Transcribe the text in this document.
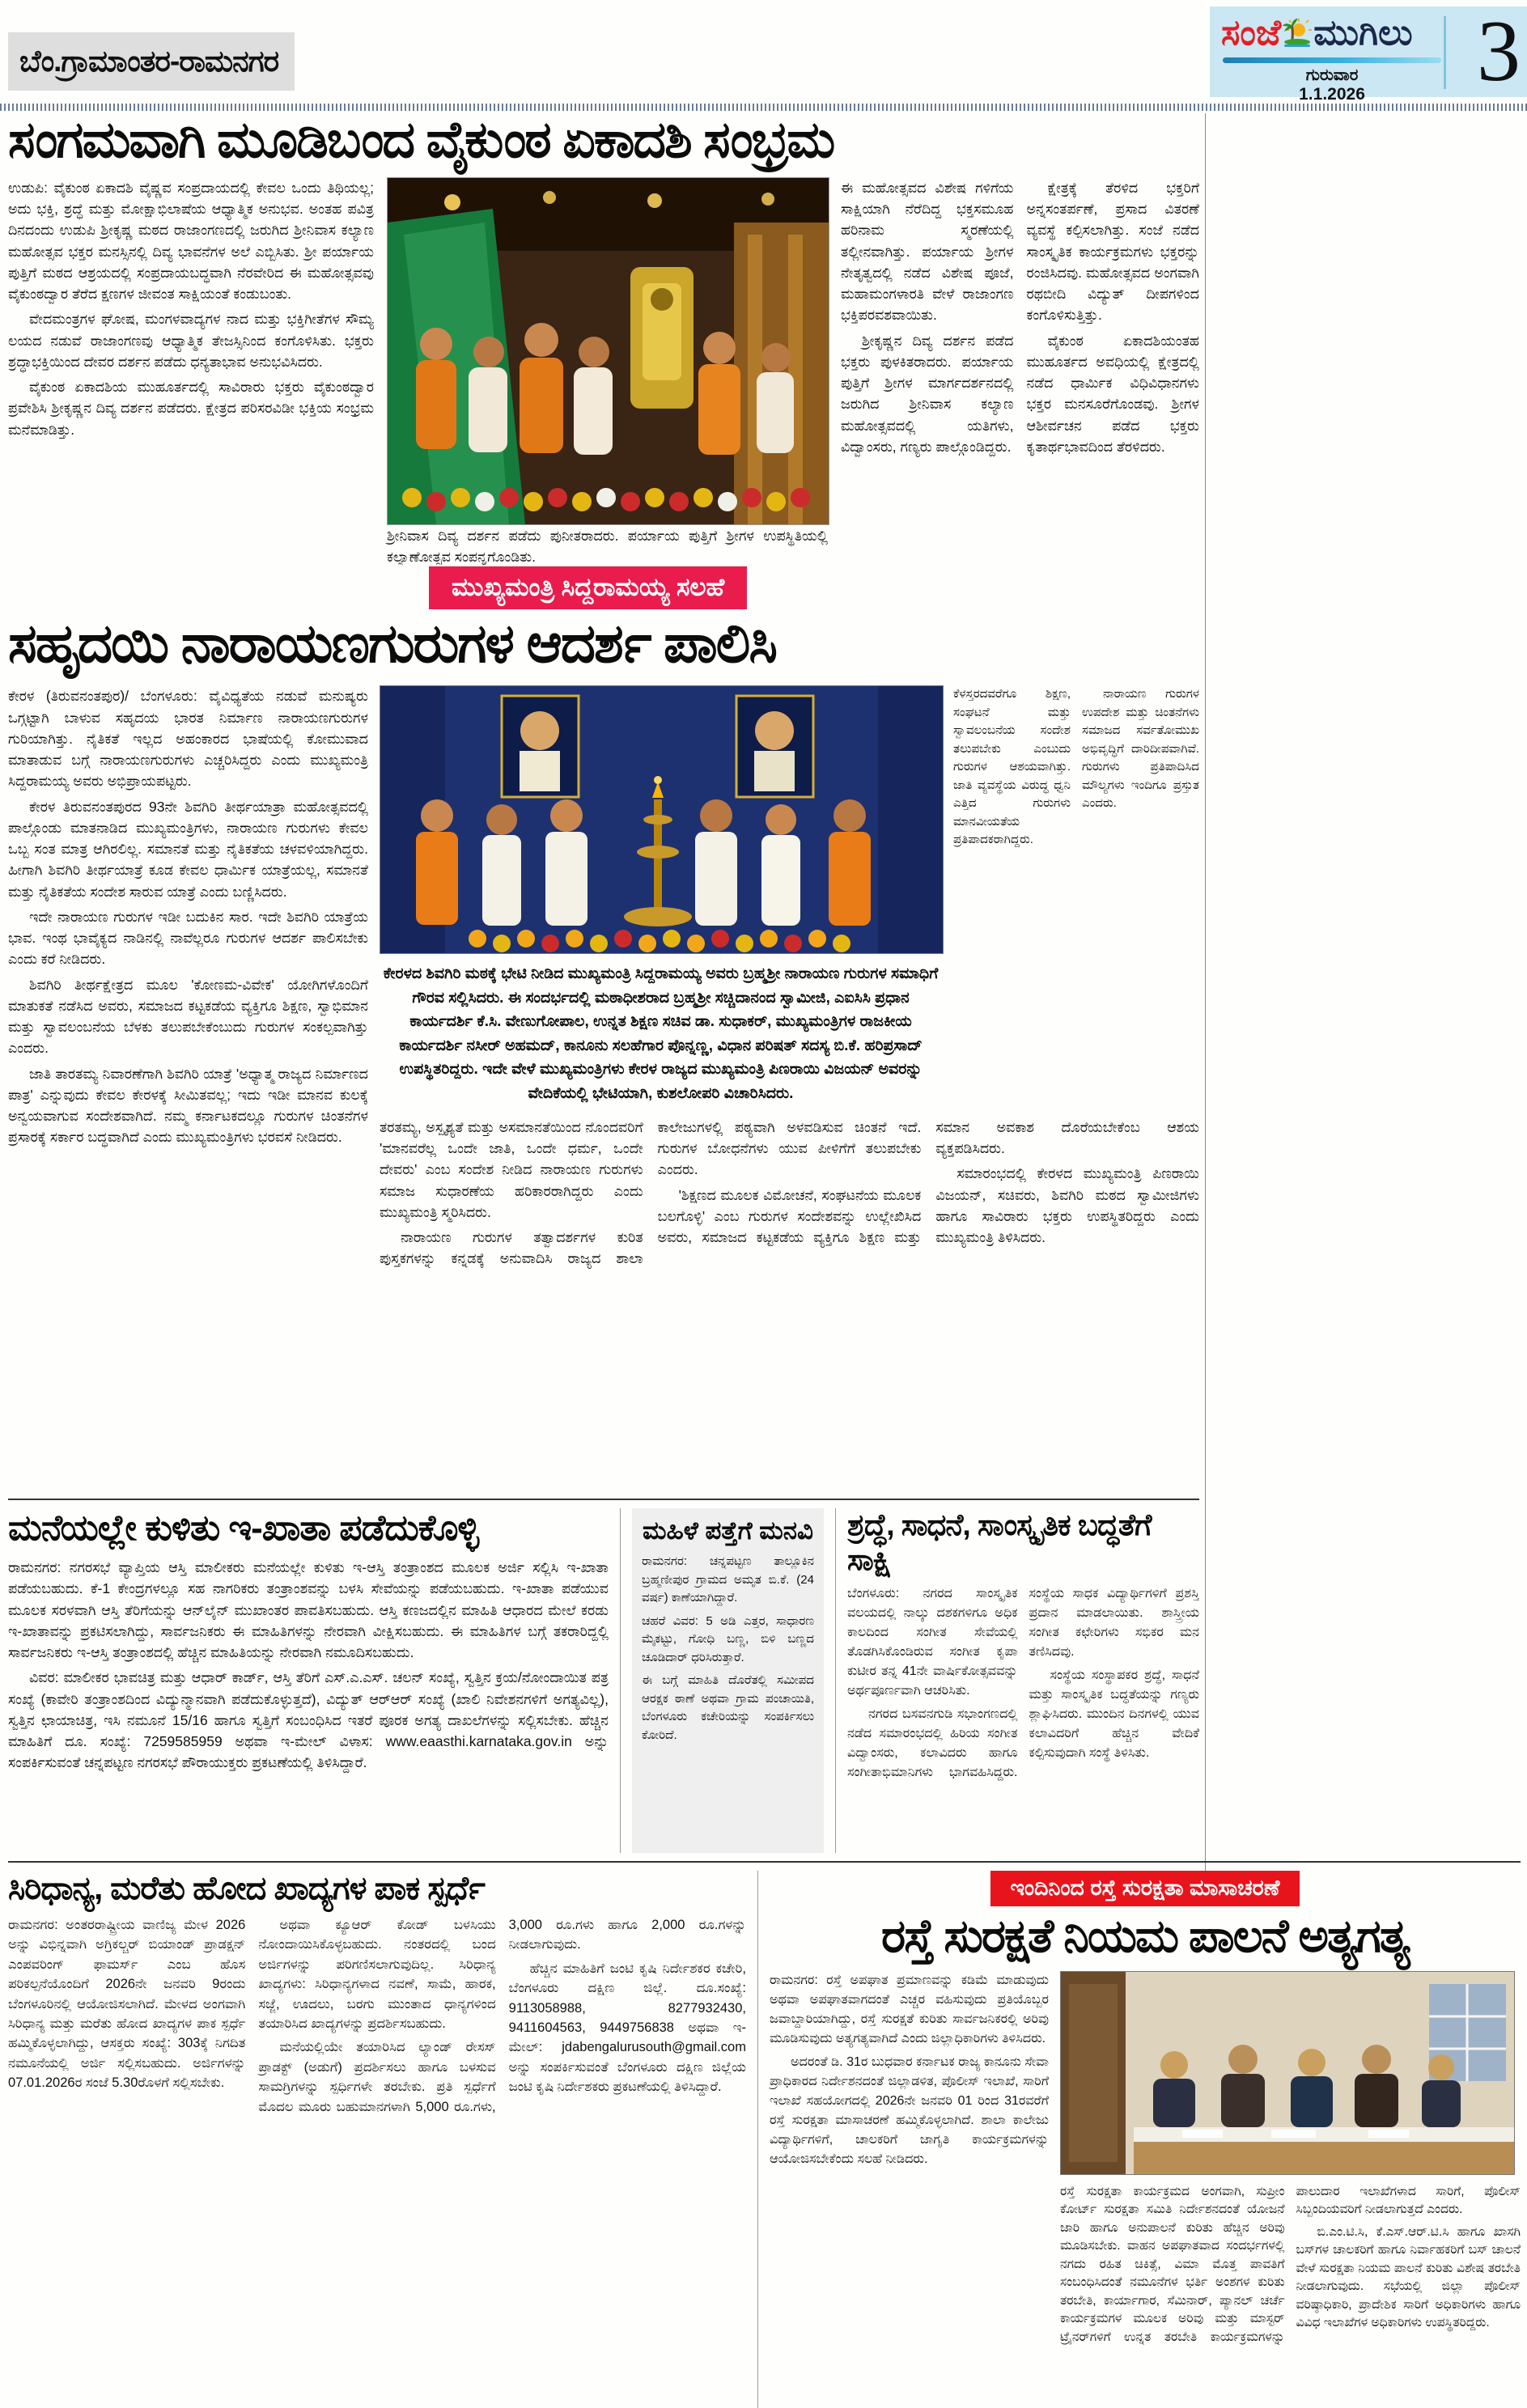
ಬೆಂ.ಗ್ರಾಮಾಂತರ-ರಾಮನಗರ
ಸಂಜೆ ಮುಗಿಲು
ಗುರುವಾರ
1.1.2026	3
ಸಂಗಮವಾಗಿ ಮೂಡಿಬಂದ ವೈಕುಂಠ ಏಕಾದಶಿ ಸಂಭ್ರಮ

ಉಡುಪಿ: ವೈಕುಂಠ ಏಕಾದಶಿ ವೈಷ್ಣವ ಸಂಪ್ರದಾಯದಲ್ಲಿ ಕೇವಲ ಒಂದು ತಿಥಿಯಲ್ಲ; ಅದು ಭಕ್ತಿ, ಶ್ರದ್ಧೆ ಮತ್ತು ಮೋಕ್ಷಾಭಿಲಾಷೆಯ ಆಧ್ಯಾತ್ಮಿಕ ಅನುಭವ. ಅಂತಹ ಪವಿತ್ರ ದಿನದಂದು ಉಡುಪಿ ಶ್ರೀಕೃಷ್ಣ ಮಠದ ರಾಜಾಂಗಣದಲ್ಲಿ ಜರುಗಿದ ಶ್ರೀನಿವಾಸ ಕಲ್ಯಾಣ ಮಹೋತ್ಸವ ಭಕ್ತರ ಮನಸ್ಸಿನಲ್ಲಿ ದಿವ್ಯ ಭಾವನೆಗಳ ಅಲೆ ಎಬ್ಬಿಸಿತು. ಶ್ರೀ ಪರ್ಯಾಯ ಪುತ್ತಿಗೆ ಮಠದ ಆಶ್ರಯದಲ್ಲಿ ಸಂಪ್ರದಾಯಬದ್ಧವಾಗಿ ನೆರವೇರಿದ ಈ ಮಹೋತ್ಸವವು ವೈಕುಂಠದ್ವಾರ ತೆರೆದ ಕ್ಷಣಗಳ ಜೀವಂತ ಸಾಕ್ಷಿಯಂತೆ ಕಂಡುಬಂತು.

ವೇದಮಂತ್ರಗಳ ಘೋಷ, ಮಂಗಳವಾದ್ಯಗಳ ನಾದ ಮತ್ತು ಭಕ್ತಿಗೀತೆಗಳ ಸೌಮ್ಯ ಲಯದ ನಡುವೆ ರಾಜಾಂಗಣವು ಆಧ್ಯಾತ್ಮಿಕ ತೇಜಸ್ಸಿನಿಂದ ಕಂಗೊಳಿಸಿತು. ಭಕ್ತರು ಶ್ರದ್ಧಾಭಕ್ತಿಯಿಂದ ದೇವರ ದರ್ಶನ ಪಡೆದು ಧನ್ಯತಾಭಾವ ಅನುಭವಿಸಿದರು.

ವೈಕುಂಠ ಏಕಾದಶಿಯ ಮುಹೂರ್ತದಲ್ಲಿ ಸಾವಿರಾರು ಭಕ್ತರು ವೈಕುಂಠದ್ವಾರ ಪ್ರವೇಶಿಸಿ ಶ್ರೀಕೃಷ್ಣನ ದಿವ್ಯ ದರ್ಶನ ಪಡೆದರು. ಕ್ಷೇತ್ರದ ಪರಿಸರವಿಡೀ ಭಕ್ತಿಯ ಸಂಭ್ರಮ ಮನೆಮಾಡಿತ್ತು.

ಶ್ರೀನಿವಾಸ ದಿವ್ಯ ದರ್ಶನ ಪಡೆದು ಪುನೀತರಾದರು. ಪರ್ಯಾಯ ಪುತ್ತಿಗೆ ಶ್ರೀಗಳ ಉಪಸ್ಥಿತಿಯಲ್ಲಿ ಕಲ್ಯಾಣೋತ್ಸವ ಸಂಪನ್ನಗೊಂಡಿತು.

ಈ ಮಹೋತ್ಸವದ ವಿಶೇಷ ಗಳಿಗೆಯ ಸಾಕ್ಷಿಯಾಗಿ ನೆರೆದಿದ್ದ ಭಕ್ತಸಮೂಹ ಹರಿನಾಮ ಸ್ಮರಣೆಯಲ್ಲಿ ತಲ್ಲೀನವಾಗಿತ್ತು. ಪರ್ಯಾಯ ಶ್ರೀಗಳ ನೇತೃತ್ವದಲ್ಲಿ ನಡೆದ ವಿಶೇಷ ಪೂಜೆ, ಮಹಾಮಂಗಳಾರತಿ ವೇಳೆ ರಾಜಾಂಗಣ ಭಕ್ತಿಪರವಶವಾಯಿತು.

ಶ್ರೀಕೃಷ್ಣನ ದಿವ್ಯ ದರ್ಶನ ಪಡೆದ ಭಕ್ತರು ಪುಳಕಿತರಾದರು. ಪರ್ಯಾಯ ಪುತ್ತಿಗೆ ಶ್ರೀಗಳ ಮಾರ್ಗದರ್ಶನದಲ್ಲಿ ಜರುಗಿದ ಶ್ರೀನಿವಾಸ ಕಲ್ಯಾಣ ಮಹೋತ್ಸವದಲ್ಲಿ ಯತಿಗಳು, ವಿದ್ವಾಂಸರು, ಗಣ್ಯರು ಪಾಲ್ಗೊಂಡಿದ್ದರು.

ಕ್ಷೇತ್ರಕ್ಕೆ ತೆರಳಿದ ಭಕ್ತರಿಗೆ ಅನ್ನಸಂತರ್ಪಣೆ, ಪ್ರಸಾದ ವಿತರಣೆ ವ್ಯವಸ್ಥೆ ಕಲ್ಪಿಸಲಾಗಿತ್ತು. ಸಂಜೆ ನಡೆದ ಸಾಂಸ್ಕೃತಿಕ ಕಾರ್ಯಕ್ರಮಗಳು ಭಕ್ತರನ್ನು ರಂಜಿಸಿದವು. ಮಹೋತ್ಸವದ ಅಂಗವಾಗಿ ರಥಬೀದಿ ವಿದ್ಯುತ್ ದೀಪಗಳಿಂದ ಕಂಗೊಳಿಸುತ್ತಿತ್ತು.

ವೈಕುಂಠ ಏಕಾದಶಿಯಂತಹ ಮುಹೂರ್ತದ ಅವಧಿಯಲ್ಲಿ ಕ್ಷೇತ್ರದಲ್ಲಿ ನಡೆದ ಧಾರ್ಮಿಕ ವಿಧಿವಿಧಾನಗಳು ಭಕ್ತರ ಮನಸೂರೆಗೊಂಡವು. ಶ್ರೀಗಳ ಆಶೀರ್ವಚನ ಪಡೆದ ಭಕ್ತರು ಕೃತಾರ್ಥಭಾವದಿಂದ ತೆರಳಿದರು.

ಮುಖ್ಯಮಂತ್ರಿ ಸಿದ್ದರಾಮಯ್ಯ ಸಲಹೆ
ಸಹೃದಯಿ ನಾರಾಯಣಗುರುಗಳ ಆದರ್ಶ ಪಾಲಿಸಿ

ಕೇರಳ (ತಿರುವನಂತಪುರ)/ ಬೆಂಗಳೂರು: ವೈವಿಧ್ಯತೆಯ ನಡುವೆ ಮನುಷ್ಯರು ಒಗ್ಗಟ್ಟಾಗಿ ಬಾಳುವ ಸಹೃದಯ ಭಾರತ ನಿರ್ಮಾಣ ನಾರಾಯಣಗುರುಗಳ ಗುರಿಯಾಗಿತ್ತು. ನೈತಿಕತೆ ಇಲ್ಲದ ಅಹಂಕಾರದ ಭಾಷೆಯಲ್ಲಿ ಕೋಮುವಾದ ಮಾತಾಡುವ ಬಗ್ಗೆ ನಾರಾಯಣಗುರುಗಳು ಎಚ್ಚರಿಸಿದ್ದರು ಎಂದು ಮುಖ್ಯಮಂತ್ರಿ ಸಿದ್ದರಾಮಯ್ಯ ಅವರು ಅಭಿಪ್ರಾಯಪಟ್ಟರು.

ಕೇರಳ ತಿರುವನಂತಪುರದ 93ನೇ ಶಿವಗಿರಿ ತೀರ್ಥಯಾತ್ರಾ ಮಹೋತ್ಸವದಲ್ಲಿ ಪಾಲ್ಗೊಂಡು ಮಾತನಾಡಿದ ಮುಖ್ಯಮಂತ್ರಿಗಳು, ನಾರಾಯಣ ಗುರುಗಳು ಕೇವಲ ಒಬ್ಬ ಸಂತ ಮಾತ್ರ ಆಗಿರಲಿಲ್ಲ. ಸಮಾನತೆ ಮತ್ತು ನೈತಿಕತೆಯ ಚಳವಳಿಯಾಗಿದ್ದರು. ಹೀಗಾಗಿ ಶಿವಗಿರಿ ತೀರ್ಥಯಾತ್ರೆ ಕೂಡ ಕೇವಲ ಧಾರ್ಮಿಕ ಯಾತ್ರೆಯಲ್ಲ, ಸಮಾನತೆ ಮತ್ತು ನೈತಿಕತೆಯ ಸಂದೇಶ ಸಾರುವ ಯಾತ್ರೆ ಎಂದು ಬಣ್ಣಿಸಿದರು.

ಇದೇ ನಾರಾಯಣ ಗುರುಗಳ ಇಡೀ ಬದುಕಿನ ಸಾರ. ಇದೇ ಶಿವಗಿರಿ ಯಾತ್ರೆಯ ಭಾವ. ಇಂಥ ಭಾವೈಕ್ಯದ ನಾಡಿನಲ್ಲಿ ನಾವೆಲ್ಲರೂ ಗುರುಗಳ ಆದರ್ಶ ಪಾಲಿಸಬೇಕು ಎಂದು ಕರೆ ನೀಡಿದರು.

ಶಿವಗಿರಿ ತೀರ್ಥಕ್ಷೇತ್ರದ ಮೂಲ 'ಕೋಣಮ-ವಿವೇಕ' ಯೋಗಿಗಳೊಂದಿಗೆ ಮಾತುಕತೆ ನಡೆಸಿದ ಅವರು, ಸಮಾಜದ ಕಟ್ಟಕಡೆಯ ವ್ಯಕ್ತಿಗೂ ಶಿಕ್ಷಣ, ಸ್ವಾಭಿಮಾನ ಮತ್ತು ಸ್ವಾವಲಂಬನೆಯ ಬೆಳಕು ತಲುಪಬೇಕೆಂಬುದು ಗುರುಗಳ ಸಂಕಲ್ಪವಾಗಿತ್ತು ಎಂದರು.

ಜಾತಿ ತಾರತಮ್ಯ ನಿವಾರಣೆಗಾಗಿ ಶಿವಗಿರಿ ಯಾತ್ರೆ 'ಅಧ್ಯಾತ್ಮ ರಾಜ್ಯದ ನಿರ್ಮಾಣದ ಪಾತ್ರ' ಎನ್ನುವುದು ಕೇವಲ ಕೇರಳಕ್ಕೆ ಸೀಮಿತವಲ್ಲ; ಇದು ಇಡೀ ಮಾನವ ಕುಲಕ್ಕೆ ಅನ್ವಯವಾಗುವ ಸಂದೇಶವಾಗಿದೆ. ನಮ್ಮ ಕರ್ನಾಟಕದಲ್ಲೂ ಗುರುಗಳ ಚಿಂತನೆಗಳ ಪ್ರಸಾರಕ್ಕೆ ಸರ್ಕಾರ ಬದ್ಧವಾಗಿದೆ ಎಂದು ಮುಖ್ಯಮಂತ್ರಿಗಳು ಭರವಸೆ ನೀಡಿದರು.

ಕೇರಳದ ಶಿವಗಿರಿ ಮಠಕ್ಕೆ ಭೇಟಿ ನೀಡಿದ ಮುಖ್ಯಮಂತ್ರಿ ಸಿದ್ದರಾಮಯ್ಯ ಅವರು ಬ್ರಹ್ಮಶ್ರೀ ನಾರಾಯಣ ಗುರುಗಳ ಸಮಾಧಿಗೆ ಗೌರವ ಸಲ್ಲಿಸಿದರು. ಈ ಸಂದರ್ಭದಲ್ಲಿ ಮಠಾಧೀಶರಾದ ಬ್ರಹ್ಮಶ್ರೀ ಸಚ್ಚಿದಾನಂದ ಸ್ವಾಮೀಜಿ, ಎಐಸಿಸಿ ಪ್ರಧಾನ ಕಾರ್ಯದರ್ಶಿ ಕೆ.ಸಿ. ವೇಣುಗೋಪಾಲ, ಉನ್ನತ ಶಿಕ್ಷಣ ಸಚಿವ ಡಾ. ಸುಧಾಕರ್, ಮುಖ್ಯಮಂತ್ರಿಗಳ ರಾಜಕೀಯ ಕಾರ್ಯದರ್ಶಿ ನಸೀರ್ ಅಹಮದ್, ಕಾನೂನು ಸಲಹೆಗಾರ ಪೊನ್ನಣ್ಣ, ವಿಧಾನ ಪರಿಷತ್ ಸದಸ್ಯ ಬಿ.ಕೆ. ಹರಿಪ್ರಸಾದ್ ಉಪಸ್ಥಿತರಿದ್ದರು. ಇದೇ ವೇಳೆ ಮುಖ್ಯಮಂತ್ರಿಗಳು ಕೇರಳ ರಾಜ್ಯದ ಮುಖ್ಯಮಂತ್ರಿ ಪಿಣರಾಯಿ ವಿಜಯನ್ ಅವರನ್ನು ವೇದಿಕೆಯಲ್ಲಿ ಭೇಟಿಯಾಗಿ, ಕುಶಲೋಪರಿ ವಿಚಾರಿಸಿದರು.

ಕೆಳಸ್ತರದವರೆಗೂ ಶಿಕ್ಷಣ, ಸಂಘಟನೆ ಮತ್ತು ಸ್ವಾವಲಂಬನೆಯ ಸಂದೇಶ ತಲುಪಬೇಕು ಎಂಬುದು ಗುರುಗಳ ಆಶಯವಾಗಿತ್ತು. ಜಾತಿ ವ್ಯವಸ್ಥೆಯ ವಿರುದ್ಧ ಧ್ವನಿ ಎತ್ತಿದ ಗುರುಗಳು ಮಾನವೀಯತೆಯ ಪ್ರತಿಪಾದಕರಾಗಿದ್ದರು.

ನಾರಾಯಣ ಗುರುಗಳ ಉಪದೇಶ ಮತ್ತು ಚಿಂತನೆಗಳು ಸಮಾಜದ ಸರ್ವತೋಮುಖ ಅಭಿವೃದ್ಧಿಗೆ ದಾರಿದೀಪವಾಗಿವೆ. ಗುರುಗಳು ಪ್ರತಿಪಾದಿಸಿದ ಮೌಲ್ಯಗಳು ಇಂದಿಗೂ ಪ್ರಸ್ತುತ ಎಂದರು.

ತರತಮ್ಯ, ಅಸ್ಪೃಶ್ಯತೆ ಮತ್ತು ಅಸಮಾನತೆಯಿಂದ ನೊಂದವರಿಗೆ 'ಮಾನವರೆಲ್ಲ ಒಂದೇ ಜಾತಿ, ಒಂದೇ ಧರ್ಮ, ಒಂದೇ ದೇವರು' ಎಂಬ ಸಂದೇಶ ನೀಡಿದ ನಾರಾಯಣ ಗುರುಗಳು ಸಮಾಜ ಸುಧಾರಣೆಯ ಹರಿಕಾರರಾಗಿದ್ದರು ಎಂದು ಮುಖ್ಯಮಂತ್ರಿ ಸ್ಮರಿಸಿದರು.

ನಾರಾಯಣ ಗುರುಗಳ ತತ್ವಾದರ್ಶಗಳ ಕುರಿತ ಪುಸ್ತಕಗಳನ್ನು ಕನ್ನಡಕ್ಕೆ ಅನುವಾದಿಸಿ ರಾಜ್ಯದ ಶಾಲಾ ಕಾಲೇಜುಗಳಲ್ಲಿ ಪಠ್ಯವಾಗಿ ಅಳವಡಿಸುವ ಚಿಂತನೆ ಇದೆ. ಗುರುಗಳ ಬೋಧನೆಗಳು ಯುವ ಪೀಳಿಗೆಗೆ ತಲುಪಬೇಕು ಎಂದರು.

'ಶಿಕ್ಷಣದ ಮೂಲಕ ವಿಮೋಚನೆ, ಸಂಘಟನೆಯ ಮೂಲಕ ಬಲಗೊಳ್ಳಿ' ಎಂಬ ಗುರುಗಳ ಸಂದೇಶವನ್ನು ಉಲ್ಲೇಖಿಸಿದ ಅವರು, ಸಮಾಜದ ಕಟ್ಟಕಡೆಯ ವ್ಯಕ್ತಿಗೂ ಶಿಕ್ಷಣ ಮತ್ತು ಸಮಾನ ಅವಕಾಶ ದೊರೆಯಬೇಕೆಂಬ ಆಶಯ ವ್ಯಕ್ತಪಡಿಸಿದರು.

ಸಮಾರಂಭದಲ್ಲಿ ಕೇರಳದ ಮುಖ್ಯಮಂತ್ರಿ ಪಿಣರಾಯಿ ವಿಜಯನ್, ಸಚಿವರು, ಶಿವಗಿರಿ ಮಠದ ಸ್ವಾಮೀಜಿಗಳು ಹಾಗೂ ಸಾವಿರಾರು ಭಕ್ತರು ಉಪಸ್ಥಿತರಿದ್ದರು ಎಂದು ಮುಖ್ಯಮಂತ್ರಿ ತಿಳಿಸಿದರು.

ಮನೆಯಲ್ಲೇ ಕುಳಿತು ಇ-ಖಾತಾ ಪಡೆದುಕೊಳ್ಳಿ

ರಾಮನಗರ: ನಗರಸಭೆ ವ್ಯಾಪ್ತಿಯ ಆಸ್ತಿ ಮಾಲೀಕರು ಮನೆಯಲ್ಲೇ ಕುಳಿತು ಇ-ಆಸ್ತಿ ತಂತ್ರಾಂಶದ ಮೂಲಕ ಅರ್ಜಿ ಸಲ್ಲಿಸಿ ಇ-ಖಾತಾ ಪಡೆಯಬಹುದು. ಕೆ-1 ಕೇಂದ್ರಗಳಲ್ಲೂ ಸಹ ನಾಗರಿಕರು ತಂತ್ರಾಂಶವನ್ನು ಬಳಸಿ ಸೇವೆಯನ್ನು ಪಡೆಯಬಹುದು. ಇ-ಖಾತಾ ಪಡೆಯುವ ಮೂಲಕ ಸರಳವಾಗಿ ಆಸ್ತಿ ತೆರಿಗೆಯನ್ನು ಆನ್‌ಲೈನ್ ಮುಖಾಂತರ ಪಾವತಿಸಬಹುದು. ಆಸ್ತಿ ಕಣಜದಲ್ಲಿನ ಮಾಹಿತಿ ಆಧಾರದ ಮೇಲೆ ಕರಡು ಇ-ಖಾತಾವನ್ನು ಪ್ರಕಟಿಸಲಾಗಿದ್ದು, ಸಾರ್ವಜನಿಕರು ಈ ಮಾಹಿತಿಗಳನ್ನು ನೇರವಾಗಿ ವೀಕ್ಷಿಸಬಹುದು. ಈ ಮಾಹಿತಿಗಳ ಬಗ್ಗೆ ತಕರಾರಿದ್ದಲ್ಲಿ ಸಾರ್ವಜನಿಕರು ಇ-ಆಸ್ತಿ ತಂತ್ರಾಂಶದಲ್ಲಿ ಹೆಚ್ಚಿನ ಮಾಹಿತಿಯನ್ನು ನೇರವಾಗಿ ನಮೂದಿಸಬಹುದು.

ವಿವರ: ಮಾಲೀಕರ ಭಾವಚಿತ್ರ ಮತ್ತು ಆಧಾರ್ ಕಾರ್ಡ್, ಆಸ್ತಿ ತೆರಿಗೆ ಎಸ್.ಎ.ಎಸ್. ಚಲನ್ ಸಂಖ್ಯೆ, ಸ್ವತ್ತಿನ ಕ್ರಯ/ನೋಂದಾಯಿತ ಪತ್ರ ಸಂಖ್ಯೆ (ಕಾವೇರಿ ತಂತ್ರಾಂಶದಿಂದ ವಿದ್ಯುನ್ಮಾನವಾಗಿ ಪಡೆದುಕೊಳ್ಳುತ್ತದೆ), ವಿದ್ಯುತ್ ಆರ್‌ಆರ್ ಸಂಖ್ಯೆ (ಖಾಲಿ ನಿವೇಶನಗಳಿಗೆ ಅಗತ್ಯವಿಲ್ಲ), ಸ್ವತ್ತಿನ ಛಾಯಾಚಿತ್ರ, ಇಸಿ ನಮೂನೆ 15/16 ಹಾಗೂ ಸ್ವತ್ತಿಗೆ ಸಂಬಂಧಿಸಿದ ಇತರೆ ಪೂರಕ ಅಗತ್ಯ ದಾಖಲೆಗಳನ್ನು ಸಲ್ಲಿಸಬೇಕು. ಹೆಚ್ಚಿನ ಮಾಹಿತಿಗೆ ದೂ. ಸಂಖ್ಯೆ: 7259585959 ಅಥವಾ ಇ-ಮೇಲ್ ವಿಳಾಸ: www.eaasthi.karnataka.gov.in ಅನ್ನು ಸಂಪರ್ಕಿಸುವಂತೆ ಚನ್ನಪಟ್ಟಣ ನಗರಸಭೆ ಪೌರಾಯುಕ್ತರು ಪ್ರಕಟಣೆಯಲ್ಲಿ ತಿಳಿಸಿದ್ದಾರೆ.

ಮಹಿಳೆ ಪತ್ತೆಗೆ ಮನವಿ

ರಾಮನಗರ: ಚನ್ನಪಟ್ಟಣ ತಾಲ್ಲೂಕಿನ ಬ್ರಹ್ಮಣೀಪುರ ಗ್ರಾಮದ ಅಮೃತ ಬಿ.ಕೆ. (24 ವರ್ಷ) ಕಾಣೆಯಾಗಿದ್ದಾರೆ.

ಚಹರೆ ವಿವರ: 5 ಅಡಿ ಎತ್ತರ, ಸಾಧಾರಣ ಮೈಕಟ್ಟು, ಗೋಧಿ ಬಣ್ಣ, ಬಿಳಿ ಬಣ್ಣದ ಚೂಡಿದಾರ್ ಧರಿಸಿರುತ್ತಾರೆ.

ಈ ಬಗ್ಗೆ ಮಾಹಿತಿ ದೊರೆತಲ್ಲಿ ಸಮೀಪದ ಆರಕ್ಷಕ ಠಾಣೆ ಅಥವಾ ಗ್ರಾಮ ಪಂಚಾಯಿತಿ, ಬೆಂಗಳೂರು ಕಚೇರಿಯನ್ನು ಸಂಪರ್ಕಿಸಲು ಕೋರಿದೆ.

ಶ್ರದ್ಧೆ, ಸಾಧನೆ, ಸಾಂಸ್ಕೃತಿಕ ಬದ್ಧತೆಗೆ ಸಾಕ್ಷಿ

ಬೆಂಗಳೂರು: ನಗರದ ಸಾಂಸ್ಕೃತಿಕ ವಲಯದಲ್ಲಿ ನಾಲ್ಕು ದಶಕಗಳಿಗೂ ಅಧಿಕ ಕಾಲದಿಂದ ಸಂಗೀತ ಸೇವೆಯಲ್ಲಿ ತೊಡಗಿಸಿಕೊಂಡಿರುವ ಸಂಗೀತ ಕೃಪಾ ಕುಟೀರ ತನ್ನ 41ನೇ ವಾರ್ಷಿಕೋತ್ಸವವನ್ನು ಅರ್ಥಪೂರ್ಣವಾಗಿ ಆಚರಿಸಿತು.

ನಗರದ ಬಸವನಗುಡಿ ಸಭಾಂಗಣದಲ್ಲಿ ನಡೆದ ಸಮಾರಂಭದಲ್ಲಿ ಹಿರಿಯ ಸಂಗೀತ ವಿದ್ವಾಂಸರು, ಕಲಾವಿದರು ಹಾಗೂ ಸಂಗೀತಾಭಿಮಾನಿಗಳು ಭಾಗವಹಿಸಿದ್ದರು. ಸಂಸ್ಥೆಯ ಸಾಧಕ ವಿದ್ಯಾರ್ಥಿಗಳಿಗೆ ಪ್ರಶಸ್ತಿ ಪ್ರದಾನ ಮಾಡಲಾಯಿತು. ಶಾಸ್ತ್ರೀಯ ಸಂಗೀತ ಕಛೇರಿಗಳು ಸಭಿಕರ ಮನ ತಣಿಸಿದವು.

ಸಂಸ್ಥೆಯ ಸಂಸ್ಥಾಪಕರ ಶ್ರದ್ಧೆ, ಸಾಧನೆ ಮತ್ತು ಸಾಂಸ್ಕೃತಿಕ ಬದ್ಧತೆಯನ್ನು ಗಣ್ಯರು ಶ್ಲಾಘಿಸಿದರು. ಮುಂದಿನ ದಿನಗಳಲ್ಲಿ ಯುವ ಕಲಾವಿದರಿಗೆ ಹೆಚ್ಚಿನ ವೇದಿಕೆ ಕಲ್ಪಿಸುವುದಾಗಿ ಸಂಸ್ಥೆ ತಿಳಿಸಿತು.

ಸಿರಿಧಾನ್ಯ, ಮರೆತು ಹೋದ ಖಾದ್ಯಗಳ ಪಾಕ ಸ್ಪರ್ಧೆ

ರಾಮನಗರ: ಅಂತರರಾಷ್ಟ್ರೀಯ ವಾಣಿಜ್ಯ ಮೇಳ 2026 ಅನ್ನು ವಿಭಿನ್ನವಾಗಿ ಅಗ್ರಿಕಲ್ಚರ್ ಬಿಯಾಂಡ್ ಪ್ರಾಡಕ್ಷನ್ ಎಂಪವರಿಂಗ್ ಫಾಮರ್ಸ್ ಎಂಬ ಹೊಸ ಪರಿಕಲ್ಪನೆಯೊಂದಿಗೆ 2026ನೇ ಜನವರಿ 9ರಂದು ಬೆಂಗಳೂರಿನಲ್ಲಿ ಆಯೋಜಿಸಲಾಗಿದೆ. ಮೇಳದ ಅಂಗವಾಗಿ ಸಿರಿಧಾನ್ಯ ಮತ್ತು ಮರೆತು ಹೋದ ಖಾದ್ಯಗಳ ಪಾಕ ಸ್ಪರ್ಧೆ ಹಮ್ಮಿಕೊಳ್ಳಲಾಗಿದ್ದು, ಆಸಕ್ತರು ಸಂಖ್ಯೆ: 303ಕ್ಕೆ ನಿಗದಿತ ನಮೂನೆಯಲ್ಲಿ ಅರ್ಜಿ ಸಲ್ಲಿಸಬಹುದು. ಅರ್ಜಿಗಳನ್ನು 07.01.2026ರ ಸಂಜೆ 5.30ರೊಳಗೆ ಸಲ್ಲಿಸಬೇಕು.

ಅಥವಾ ಕ್ಯೂಆರ್ ಕೋಡ್ ಬಳಸಿಯು ನೋಂದಾಯಿಸಿಕೊಳ್ಳಬಹುದು. ನಂತರದಲ್ಲಿ ಬಂದ ಅರ್ಜಿಗಳನ್ನು ಪರಿಗಣಿಸಲಾಗುವುದಿಲ್ಲ. ಸಿರಿಧಾನ್ಯ ಖಾದ್ಯಗಳು: ಸಿರಿಧಾನ್ಯಗಳಾದ ನವಣೆ, ಸಾಮೆ, ಹಾರಕ, ಸಜ್ಜೆ, ಊದಲು, ಬರಗು ಮುಂತಾದ ಧಾನ್ಯಗಳಿಂದ ತಯಾರಿಸಿದ ಖಾದ್ಯಗಳನ್ನು ಪ್ರದರ್ಶಿಸಬಹುದು.

ಮನೆಯಲ್ಲಿಯೇ ತಯಾರಿಸಿದ ಲ್ಯಾಂಡ್ ರೇಸಸ್ ಪ್ರಾಡಕ್ಟ್ (ಅಡುಗೆ) ಪ್ರದರ್ಶಿಸಲು ಹಾಗೂ ಬಳಸುವ ಸಾಮಗ್ರಿಗಳನ್ನು ಸ್ಪರ್ಧಿಗಳೇ ತರಬೇಕು. ಪ್ರತಿ ಸ್ಪರ್ಧೆಗೆ ಮೊದಲ ಮೂರು ಬಹುಮಾನಗಳಾಗಿ 5,000 ರೂ.ಗಳು, 3,000 ರೂ.ಗಳು ಹಾಗೂ 2,000 ರೂ.ಗಳನ್ನು ನೀಡಲಾಗುವುದು.

ಹೆಚ್ಚಿನ ಮಾಹಿತಿಗೆ ಜಂಟಿ ಕೃಷಿ ನಿರ್ದೇಶಕರ ಕಚೇರಿ, ಬೆಂಗಳೂರು ದಕ್ಷಿಣ ಜಿಲ್ಲೆ. ದೂ.ಸಂಖ್ಯೆ: 9113058988, 8277932430, 9411604563, 9449756838 ಅಥವಾ ಇ-ಮೇಲ್: jdabengalurusouth@gmail.com ಅನ್ನು ಸಂಪರ್ಕಿಸುವಂತೆ ಬೆಂಗಳೂರು ದಕ್ಷಿಣ ಜಿಲ್ಲೆಯ ಜಂಟಿ ಕೃಷಿ ನಿರ್ದೇಶಕರು ಪ್ರಕಟಣೆಯಲ್ಲಿ ತಿಳಿಸಿದ್ದಾರೆ.

ಇಂದಿನಿಂದ ರಸ್ತೆ ಸುರಕ್ಷತಾ ಮಾಸಾಚರಣೆ
ರಸ್ತೆ ಸುರಕ್ಷತೆ ನಿಯಮ ಪಾಲನೆ ಅತ್ಯಗತ್ಯ

ರಾಮನಗರ: ರಸ್ತೆ ಅಪಘಾತ ಪ್ರಮಾಣವನ್ನು ಕಡಿಮೆ ಮಾಡುವುದು ಅಥವಾ ಅಪಘಾತವಾಗದಂತೆ ಎಚ್ಚರ ವಹಿಸುವುದು ಪ್ರತಿಯೊಬ್ಬರ ಜವಾಬ್ದಾರಿಯಾಗಿದ್ದು, ರಸ್ತೆ ಸುರಕ್ಷತೆ ಕುರಿತು ಸಾರ್ವಜನಿಕರಲ್ಲಿ ಅರಿವು ಮೂಡಿಸುವುದು ಅತ್ಯಗತ್ಯವಾಗಿದೆ ಎಂದು ಜಿಲ್ಲಾಧಿಕಾರಿಗಳು ತಿಳಿಸಿದರು.

ಅದರಂತೆ ಡಿ. 31ರ ಬುಧವಾರ ಕರ್ನಾಟಕ ರಾಜ್ಯ ಕಾನೂನು ಸೇವಾ ಪ್ರಾಧಿಕಾರದ ನಿರ್ದೇಶನದಂತೆ ಜಿಲ್ಲಾಡಳಿತ, ಪೊಲೀಸ್ ಇಲಾಖೆ, ಸಾರಿಗೆ ಇಲಾಖೆ ಸಹಯೋಗದಲ್ಲಿ 2026ನೇ ಜನವರಿ 01 ರಿಂದ 31ರವರೆಗೆ ರಸ್ತೆ ಸುರಕ್ಷತಾ ಮಾಸಾಚರಣೆ ಹಮ್ಮಿಕೊಳ್ಳಲಾಗಿದೆ. ಶಾಲಾ ಕಾಲೇಜು ವಿದ್ಯಾರ್ಥಿಗಳಿಗೆ, ಚಾಲಕರಿಗೆ ಜಾಗೃತಿ ಕಾರ್ಯಕ್ರಮಗಳನ್ನು ಆಯೋಜಿಸಬೇಕೆಂದು ಸಲಹೆ ನೀಡಿದರು.

ರಸ್ತೆ ಸುರಕ್ಷತಾ ಕಾರ್ಯಕ್ರಮದ ಅಂಗವಾಗಿ, ಸುಪ್ರೀಂ ಕೋರ್ಟ್ ಸುರಕ್ಷತಾ ಸಮಿತಿ ನಿರ್ದೇಶನದಂತೆ ಯೋಜನೆ ಜಾರಿ ಹಾಗೂ ಅನುಪಾಲನೆ ಕುರಿತು ಹೆಚ್ಚಿನ ಅರಿವು ಮೂಡಿಸಬೇಕು. ವಾಹನ ಅಪಘಾತವಾದ ಸಂದರ್ಭಗಳಲ್ಲಿ ನಗದು ರಹಿತ ಚಿಕಿತ್ಸೆ, ವಿಮಾ ಮೊತ್ತ ಪಾವತಿಗೆ ಸಂಬಂಧಿಸಿದಂತೆ ನಮೂನೆಗಳ ಭರ್ತಿ ಅಂಶಗಳ ಕುರಿತು ತರಬೇತಿ, ಕಾರ್ಯಾಗಾರ, ಸೆಮಿನಾರ್, ಪ್ಯಾನಲ್ ಚರ್ಚೆ ಕಾರ್ಯಕ್ರಮಗಳ ಮೂಲಕ ಅರಿವು ಮತ್ತು ಮಾಸ್ಟರ್ ಟ್ರೈನರ್‌ಗಳಿಗೆ ಉನ್ನತ ತರಬೇತಿ ಕಾರ್ಯಕ್ರಮಗಳನ್ನು ಪಾಲುದಾರ ಇಲಾಖೆಗಳಾದ ಸಾರಿಗೆ, ಪೊಲೀಸ್ ಸಿಬ್ಬಂದಿಯವರಿಗೆ ನೀಡಲಾಗುತ್ತದೆ ಎಂದರು.

ಬಿ.ಎಂ.ಟಿ.ಸಿ, ಕೆ.ಎಸ್.ಆರ್.ಟಿ.ಸಿ ಹಾಗೂ ಖಾಸಗಿ ಬಸ್‌ಗಳ ಚಾಲಕರಿಗೆ ಹಾಗೂ ನಿರ್ವಾಹಕರಿಗೆ ಬಸ್ ಚಾಲನೆ ವೇಳೆ ಸುರಕ್ಷತಾ ನಿಯಮ ಪಾಲನೆ ಕುರಿತು ವಿಶೇಷ ತರಬೇತಿ ನೀಡಲಾಗುವುದು. ಸಭೆಯಲ್ಲಿ ಜಿಲ್ಲಾ ಪೊಲೀಸ್ ವರಿಷ್ಠಾಧಿಕಾರಿ, ಪ್ರಾದೇಶಿಕ ಸಾರಿಗೆ ಅಧಿಕಾರಿಗಳು ಹಾಗೂ ವಿವಿಧ ಇಲಾಖೆಗಳ ಅಧಿಕಾರಿಗಳು ಉಪಸ್ಥಿತರಿದ್ದರು.
